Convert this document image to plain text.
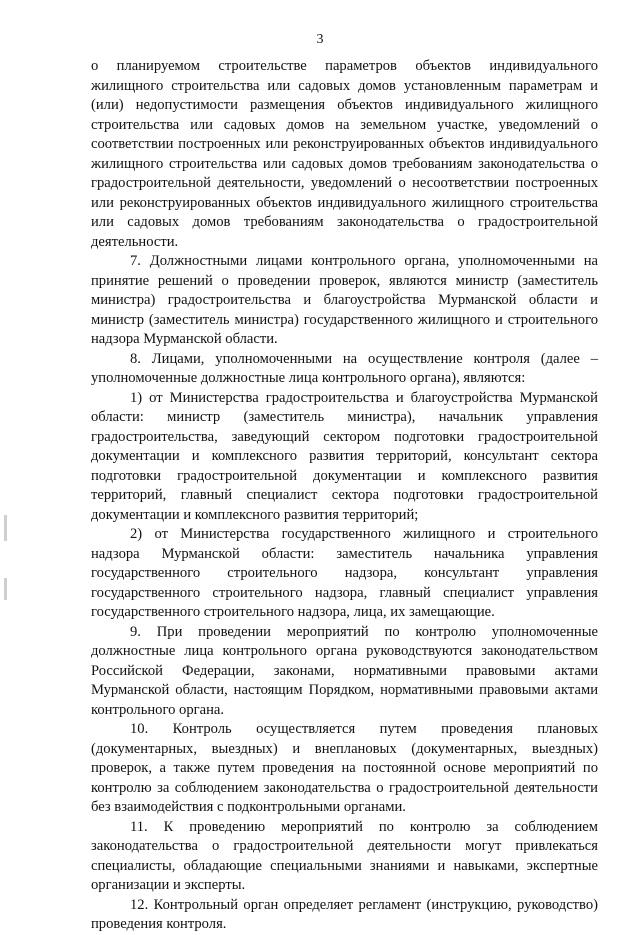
3

о планируемом строительстве параметров объектов индивидуального жилищного строительства или садовых домов установленным параметрам и (или) недопустимости размещения объектов индивидуального жилищного строительства или садовых домов на земельном участке, уведомлений о соответствии построенных или реконструированных объектов индивидуального жилищного строительства или садовых домов требованиям законодательства о градостроительной деятельности, уведомлений о несоответствии построенных или реконструированных объектов индивидуального жилищного строительства или садовых домов требованиям законодательства о градостроительной деятельности.

7. Должностными лицами контрольного органа, уполномоченными на принятие решений о проведении проверок, являются министр (заместитель министра) градостроительства и благоустройства Мурманской области и министр (заместитель министра) государственного жилищного и строительного надзора Мурманской области.

8. Лицами, уполномоченными на осуществление контроля (далее – уполномоченные должностные лица контрольного органа), являются:

1) от Министерства градостроительства и благоустройства Мурманской области: министр (заместитель министра), начальник управления градостроительства, заведующий сектором подготовки градостроительной документации и комплексного развития территорий, консультант сектора подготовки градостроительной документации и комплексного развития территорий, главный специалист сектора подготовки градостроительной документации и комплексного развития территорий;

2) от Министерства государственного жилищного и строительного надзора Мурманской области: заместитель начальника управления государственного строительного надзора, консультант управления государственного строительного надзора, главный специалист управления государственного строительного надзора, лица, их замещающие.

9. При проведении мероприятий по контролю уполномоченные должностные лица контрольного органа руководствуются законодательством Российской Федерации, законами, нормативными правовыми актами Мурманской области, настоящим Порядком, нормативными правовыми актами контрольного органа.

10. Контроль осуществляется путем проведения плановых (документарных, выездных) и внеплановых (документарных, выездных) проверок, а также путем проведения на постоянной основе мероприятий по контролю за соблюдением законодательства о градостроительной деятельности без взаимодействия с подконтрольными органами.

11. К проведению мероприятий по контролю за соблюдением законодательства о градостроительной деятельности могут привлекаться специалисты, обладающие специальными знаниями и навыками, экспертные организации и эксперты.

12. Контрольный орган определяет регламент (инструкцию, руководство) проведения контроля.
